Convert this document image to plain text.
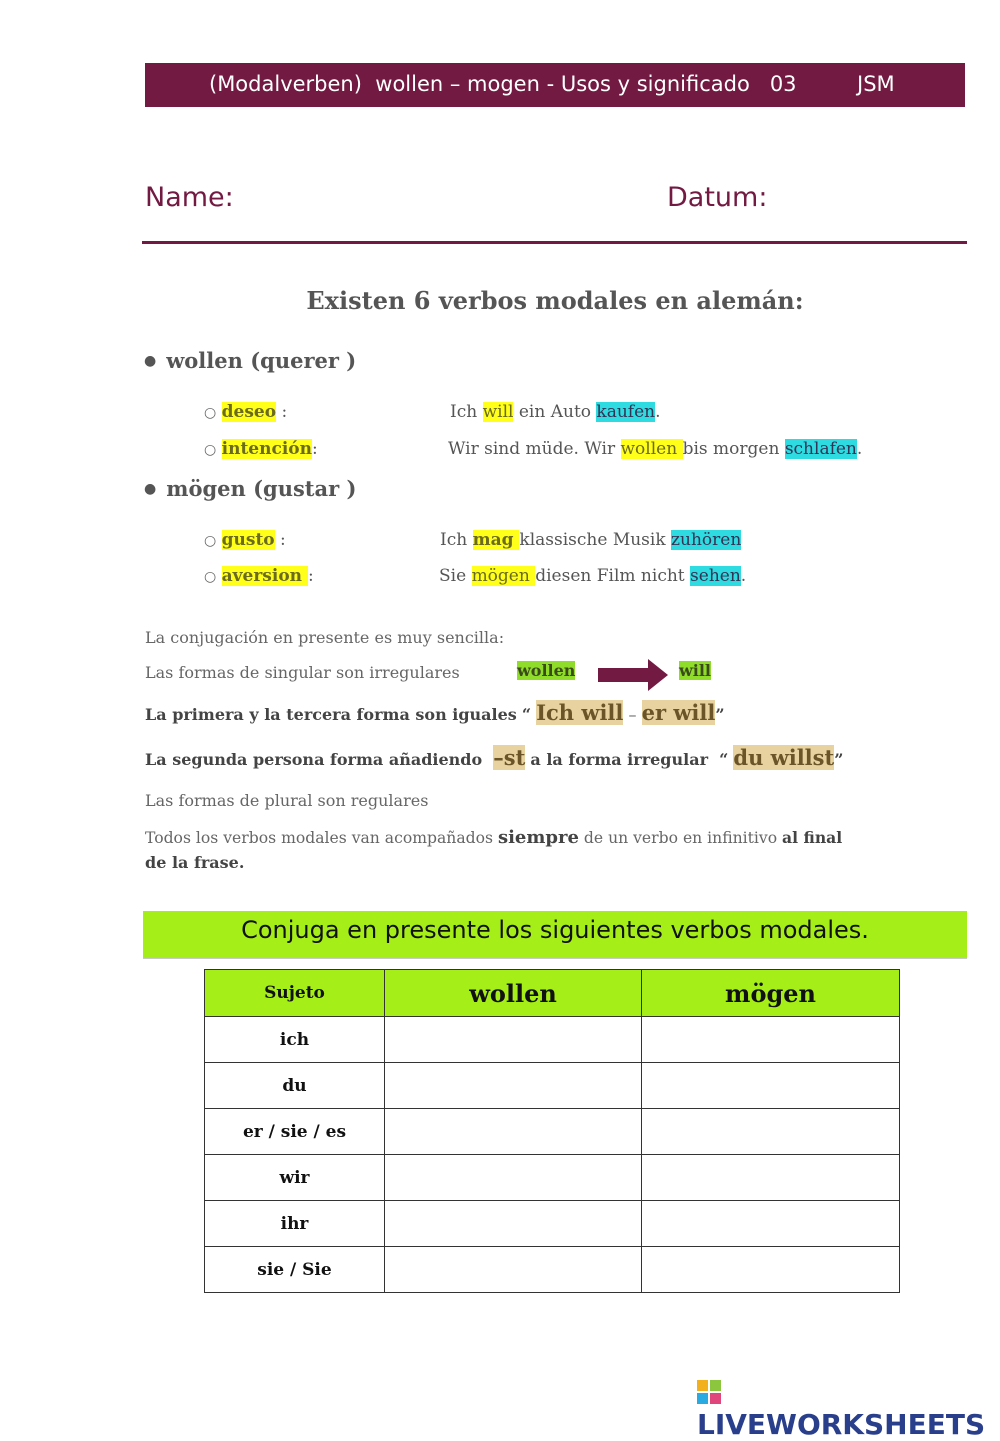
(Modalverben)  wollen – mogen - Usos y significado   03	JSM
Name:	Datum:
Existen 6 verbos modales en alemán:
● wollen (querer )
○ deseo :	Ich will ein Auto kaufen.
○ intención:	Wir sind müde. Wir wollen bis morgen schlafen.
● mögen (gustar )
○ gusto :	Ich mag klassische Musik zuhören
○ aversion :	Sie mögen diesen Film nicht sehen.
La conjugación en presente es muy sencilla:
Las formas de singular son irregulares	wollen	will
La primera y la tercera forma son iguales “ Ich will – er will”
La segunda persona forma añadiendo –st a la forma irregular “ du willst”
Las formas de plural son regulares
Todos los verbos modales van acompañados siempre de un verbo en infinitivo al final
de la frase.
Conjuga en presente los siguientes verbos modales.
Sujeto	wollen	mögen
ich		
du		
er / sie / es		
wir		
ihr		
sie / Sie		
LIVEWORKSHEETS
